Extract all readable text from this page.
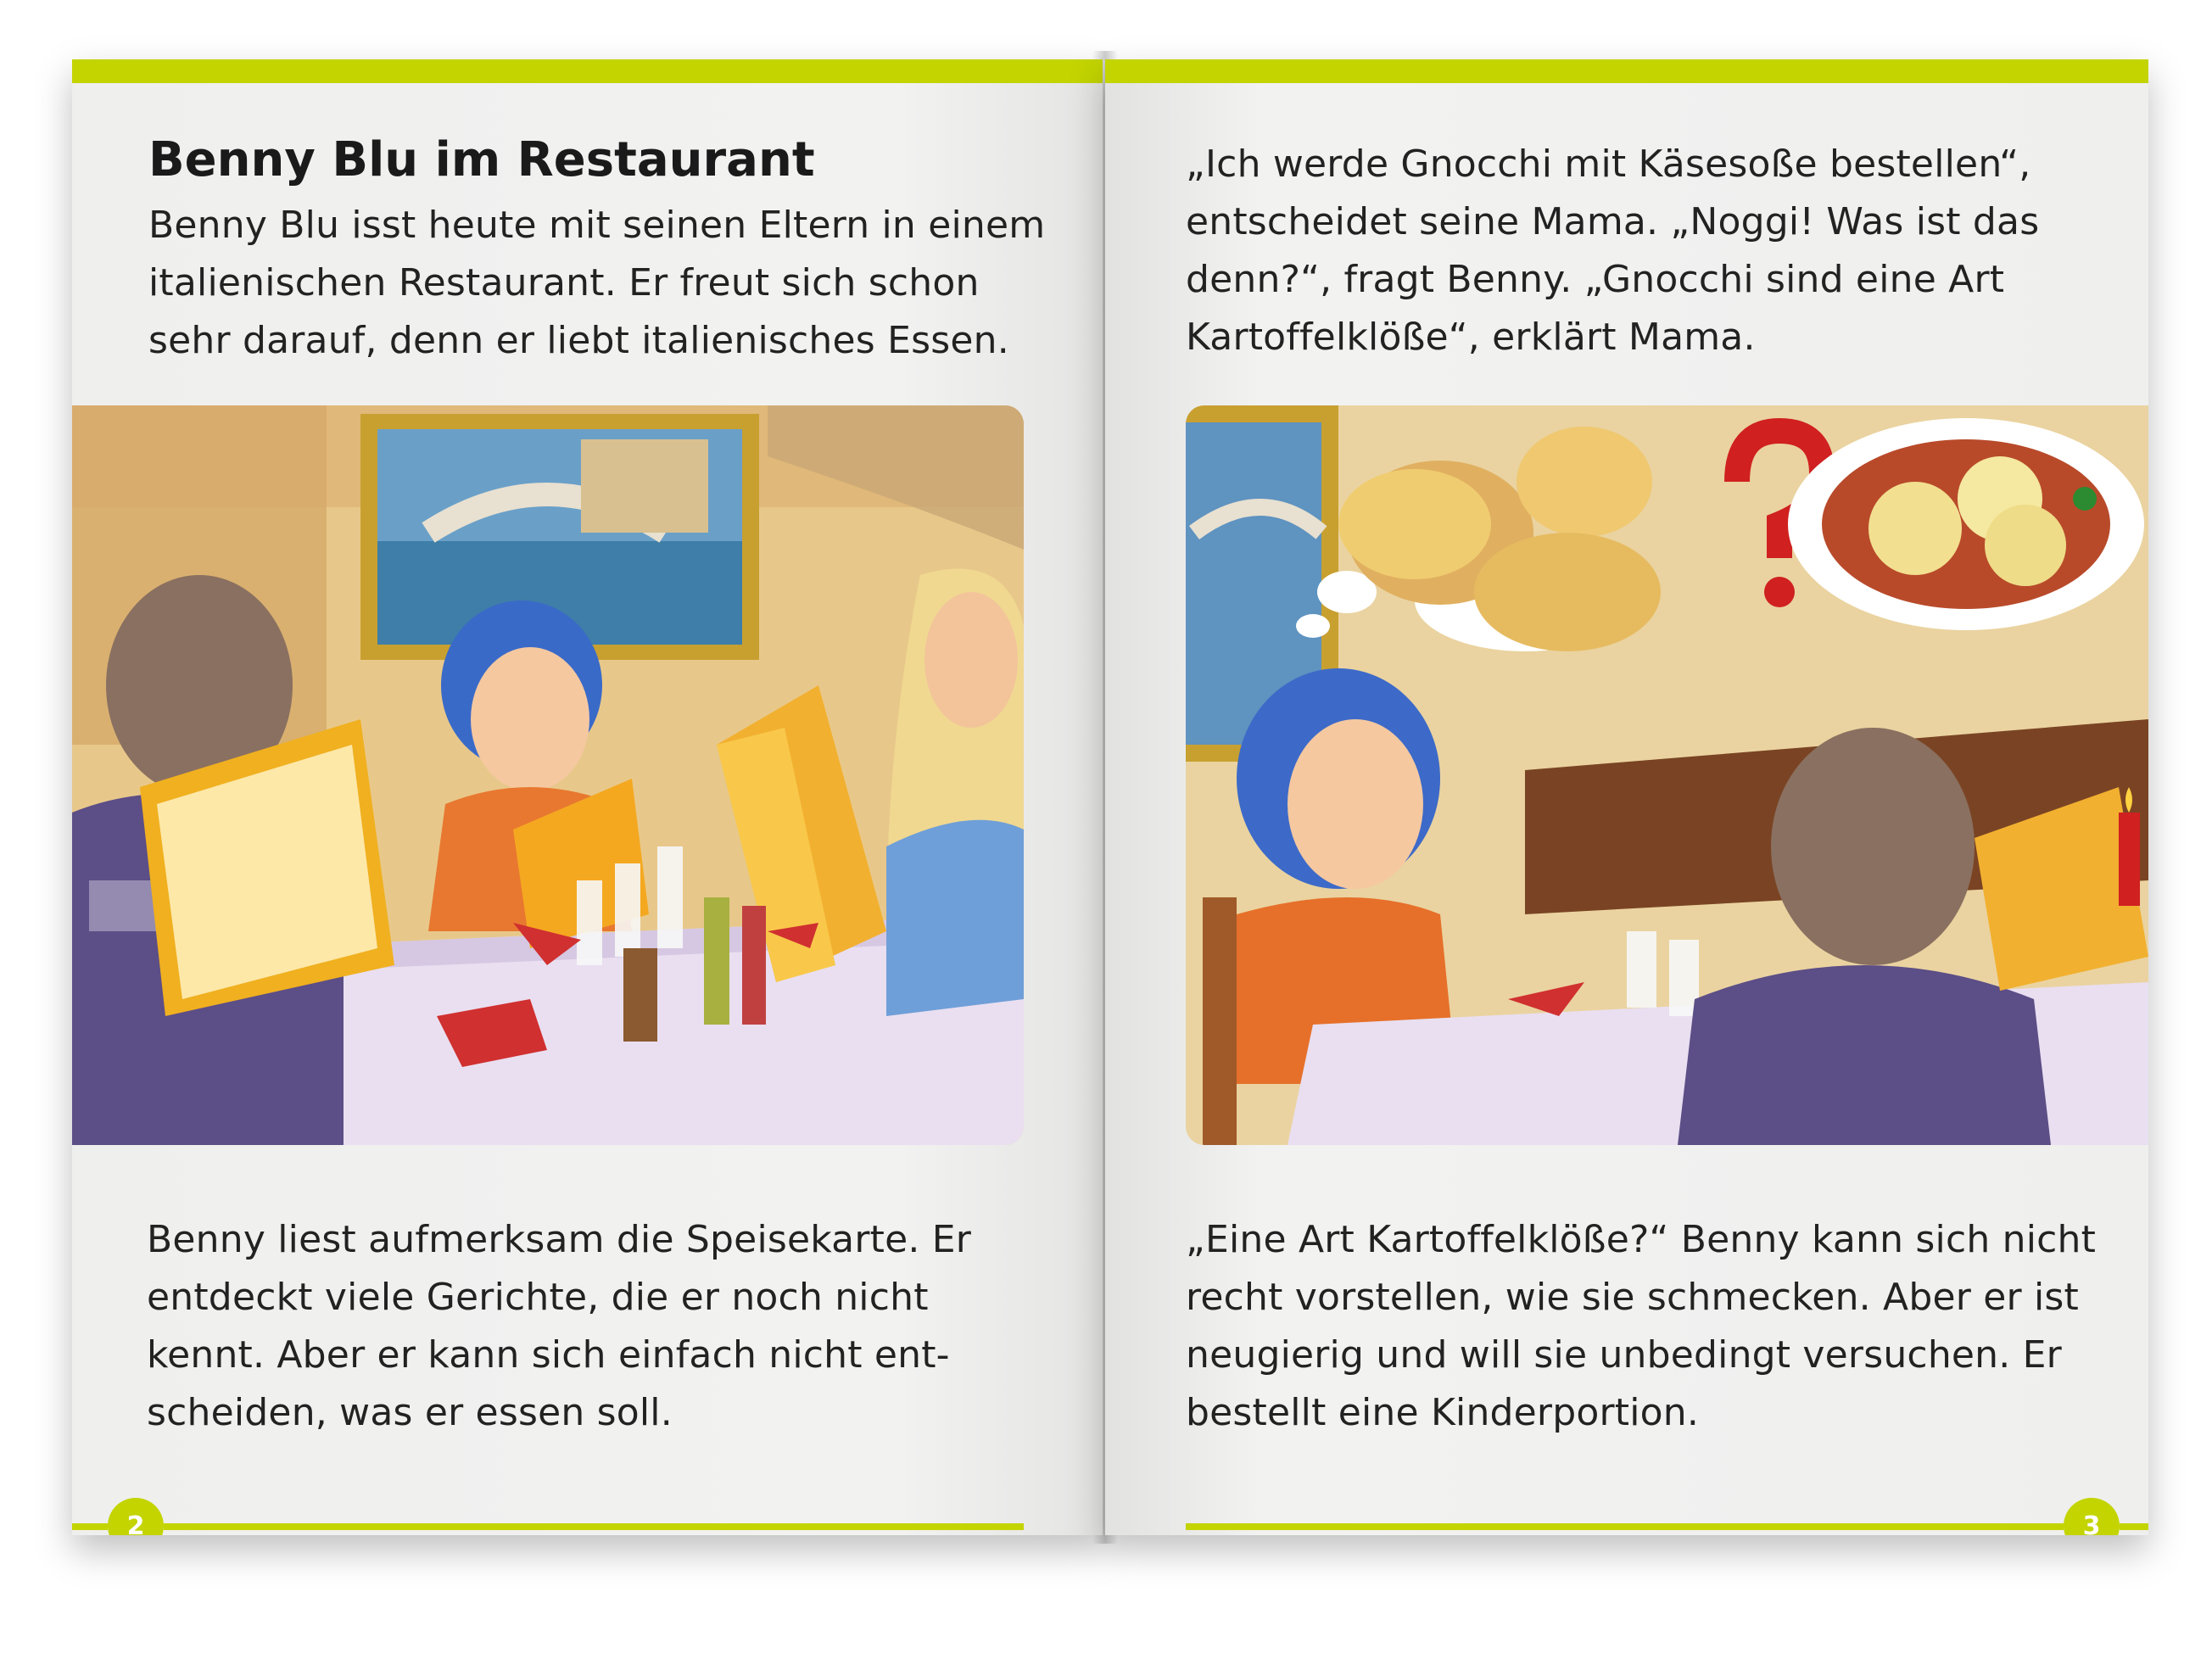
Benny Blu im Restaurant

Benny Blu isst heute mit seinen Eltern in einem italienischen Restaurant. Er freut sich schon sehr darauf, denn er liebt italienisches Essen.

Benny liest aufmerksam die Speisekarte. Er entdeckt viele Gerichte, die er noch nicht kennt. Aber er kann sich einfach nicht ent-scheiden, was er essen soll.

2

„Ich werde Gnocchi mit Käsesoße bestellen“, entscheidet seine Mama. „Noggi! Was ist das denn?“, fragt Benny. „Gnocchi sind eine Art Kartoffelklöße“, erklärt Mama.

„Eine Art Kartoffelklöße?“ Benny kann sich nicht recht vorstellen, wie sie schmecken. Aber er ist neugierig und will sie unbedingt versuchen. Er bestellt eine Kinderportion.

3
